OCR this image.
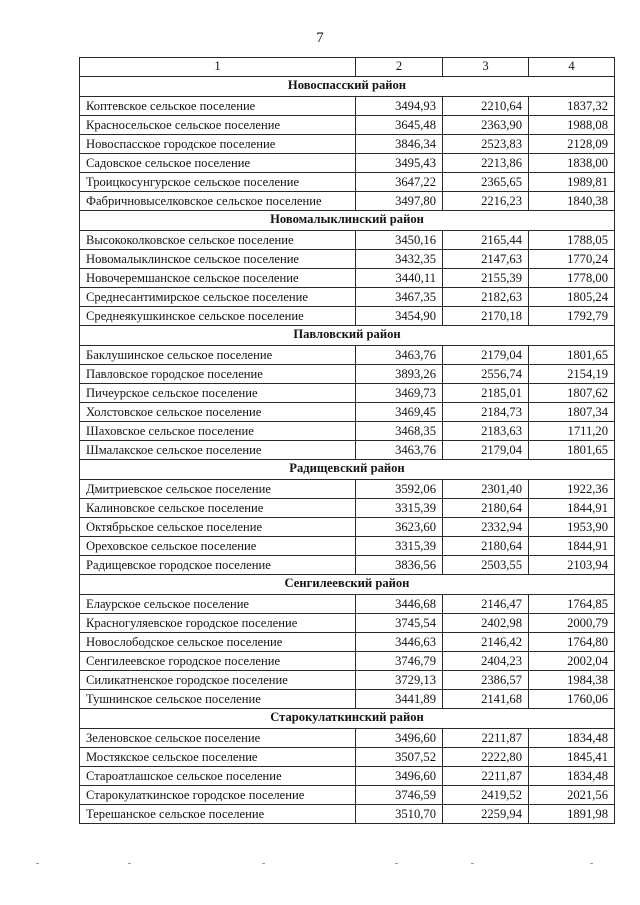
7
1	2	3	4
Новоспасский район			
Коптевское сельское поселение	3494,93	2210,64	1837,32
Красносельское сельское поселение	3645,48	2363,90	1988,08
Новоспасское городское поселение	3846,34	2523,83	2128,09
Садовское сельское поселение	3495,43	2213,86	1838,00
Троицкосунгурское сельское поселение	3647,22	2365,65	1989,81
Фабричновыселковское сельское поселение	3497,80	2216,23	1840,38
Новомалыклинский район			
Высококолковское сельское поселение	3450,16	2165,44	1788,05
Новомалыклинское сельское поселение	3432,35	2147,63	1770,24
Новочеремшанское сельское поселение	3440,11	2155,39	1778,00
Среднесантимирское сельское поселение	3467,35	2182,63	1805,24
Среднеякушкинское сельское поселение	3454,90	2170,18	1792,79
Павловский район			
Баклушинское сельское поселение	3463,76	2179,04	1801,65
Павловское городское поселение	3893,26	2556,74	2154,19
Пичеурское сельское поселение	3469,73	2185,01	1807,62
Холстовское сельское поселение	3469,45	2184,73	1807,34
Шаховское сельское поселение	3468,35	2183,63	1711,20
Шмалакское сельское поселение	3463,76	2179,04	1801,65
Радищевский район			
Дмитриевское сельское поселение	3592,06	2301,40	1922,36
Калиновское сельское поселение	3315,39	2180,64	1844,91
Октябрьское сельское поселение	3623,60	2332,94	1953,90
Ореховское сельское поселение	3315,39	2180,64	1844,91
Радищевское городское поселение	3836,56	2503,55	2103,94
Сенгилеевский район			
Елаурское сельское поселение	3446,68	2146,47	1764,85
Красногуляевское городское поселение	3745,54	2402,98	2000,79
Новослободское сельское поселение	3446,63	2146,42	1764,80
Сенгилеевское городское поселение	3746,79	2404,23	2002,04
Силикатненское городское поселение	3729,13	2386,57	1984,38
Тушнинское сельское поселение	3441,89	2141,68	1760,06
Старокулаткинский район			
Зеленовское сельское поселение	3496,60	2211,87	1834,48
Мостякское сельское поселение	3507,52	2222,80	1845,41
Староатлашское сельское поселение	3496,60	2211,87	1834,48
Старокулаткинское городское поселение	3746,59	2419,52	2021,56
Терешанское сельское поселение	3510,70	2259,94	1891,98
